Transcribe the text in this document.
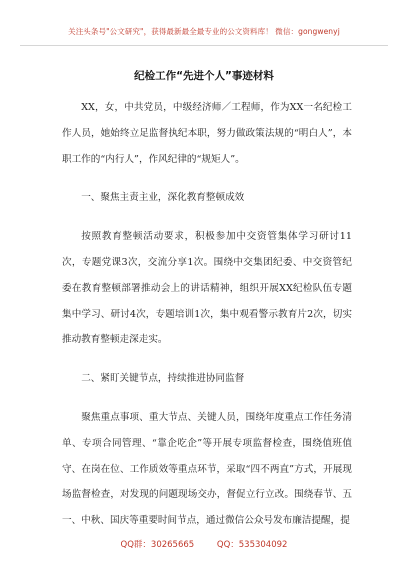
关注头条号"公文研究"，获得最新最全最专业的公文资料库！ 微信：gongwenyj
纪检工作“先进个人”事迹材料

XX，女，中共党员，中级经济师／工程师，作为XX一名纪检工作人员，她始终立足监督执纪本职，努力做政策法规的“明白人”，本职工作的“内行人”，作风纪律的“规矩人”。

一、聚焦主责主业，深化教育整顿成效

按照教育整顿活动要求，积极参加中交资管集体学习研讨11次，专题党课3次，交流分享1次。围绕中交集团纪委、中交资管纪委在教育整顿部署推动会上的讲话精神，组织开展XX纪检队伍专题集中学习、研讨4次，专题培训1次，集中观看警示教育片2次，切实推动教育整顿走深走实。

二、紧盯关键节点，持续推进协同监督

聚焦重点事项、重大节点、关键人员，围绕年度重点工作任务清单、专项合同管理、“靠企吃企”等开展专项监督检查，围绕值班值守、在岗在位、工作质效等重点环节，采取“四不两直”方式，开展现场监督检查，对发现的问题现场交办，督促立行立改。围绕春节、五一、中秋、国庆等重要时间节点，通过微信公众号发布廉洁提醒，提

QQ群：30265665	QQ：535304092
